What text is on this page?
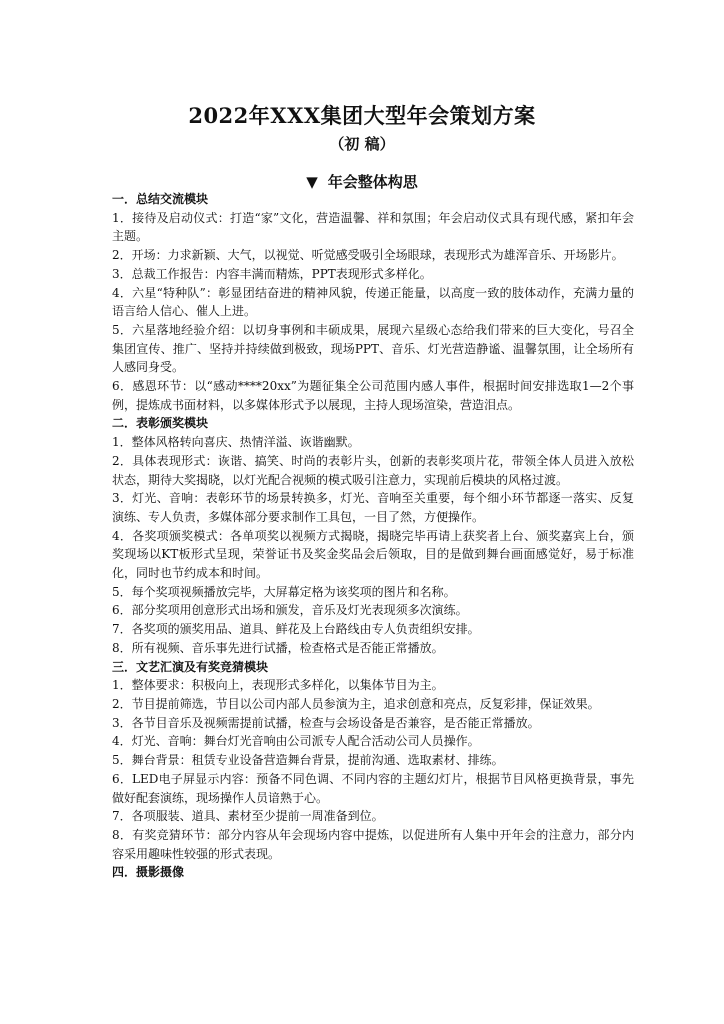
2022年XXX集团大型年会策划方案
（初 稿）
▼ 年会整体构思
一．总结交流模块
1．接待及启动仪式：打造“家”文化，营造温馨、祥和氛围；年会启动仪式具有现代感，紧扣年会主题。
2．开场：力求新颖、大气，以视觉、听觉感受吸引全场眼球，表现形式为雄浑音乐、开场影片。
3．总裁工作报告：内容丰满而精炼，PPT表现形式多样化。
4．六星“特种队”：彰显团结奋进的精神风貌，传递正能量，以高度一致的肢体动作，充满力量的语言给人信心、催人上进。
5．六星落地经验介绍：以切身事例和丰硕成果，展现六星级心态给我们带来的巨大变化，号召全集团宣传、推广、坚持并持续做到极致，现场PPT、音乐、灯光营造静谧、温馨氛围，让全场所有人感同身受。
6．感恩环节：以“感动****20xx”为题征集全公司范围内感人事件，根据时间安排选取1—2个事例，提炼成书面材料，以多媒体形式予以展现，主持人现场渲染，营造泪点。
二．表彰颁奖模块
1．整体风格转向喜庆、热情洋溢、诙谐幽默。
2．具体表现形式：诙谐、搞笑、时尚的表彰片头，创新的表彰奖项片花，带领全体人员进入放松状态，期待大奖揭晓，以灯光配合视频的模式吸引注意力，实现前后模块的风格过渡。
3．灯光、音响：表彰环节的场景转换多，灯光、音响至关重要，每个细小环节都逐一落实、反复演练、专人负责，多媒体部分要求制作工具包，一目了然，方便操作。
4．各奖项颁奖模式：各单项奖以视频方式揭晓，揭晓完毕再请上获奖者上台、颁奖嘉宾上台，颁奖现场以KT板形式呈现，荣誉证书及奖金奖品会后领取，目的是做到舞台画面感觉好，易于标准化，同时也节约成本和时间。
5．每个奖项视频播放完毕，大屏幕定格为该奖项的图片和名称。
6．部分奖项用创意形式出场和颁发，音乐及灯光表现须多次演练。
7．各奖项的颁奖用品、道具、鲜花及上台路线由专人负责组织安排。
8．所有视频、音乐事先进行试播，检查格式是否能正常播放。
三．文艺汇演及有奖竞猜模块
1．整体要求：积极向上，表现形式多样化，以集体节目为主。
2．节目提前筛选，节目以公司内部人员参演为主，追求创意和亮点，反复彩排，保证效果。
3．各节目音乐及视频需提前试播，检查与会场设备是否兼容，是否能正常播放。
4．灯光、音响：舞台灯光音响由公司派专人配合活动公司人员操作。
5．舞台背景：租赁专业设备营造舞台背景，提前沟通、选取素材、排练。
6．LED电子屏显示内容：预备不同色调、不同内容的主题幻灯片，根据节目风格更换背景，事先做好配套演练，现场操作人员谙熟于心。
7．各项服装、道具、素材至少提前一周准备到位。
8．有奖竞猜环节：部分内容从年会现场内容中提炼，以促进所有人集中开年会的注意力，部分内容采用趣味性较强的形式表现。
四．摄影摄像
